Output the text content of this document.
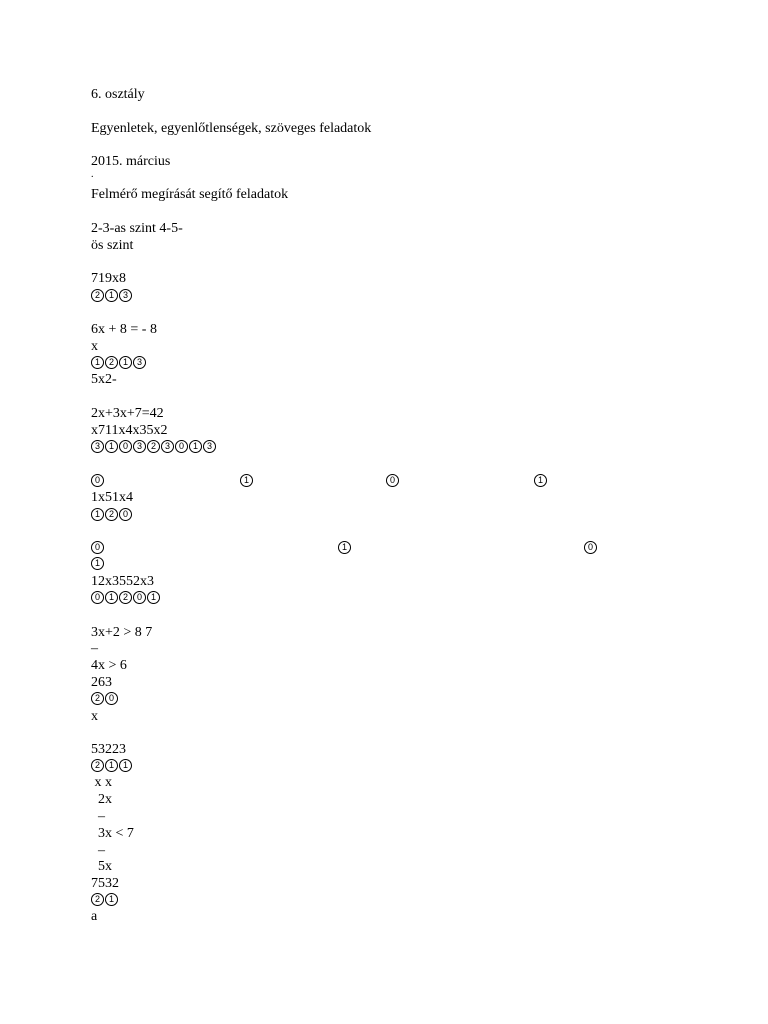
6. osztály
Egyenletek, egyenlőtlenségek, szöveges feladatok
2015. március
.
Felmérő megírását segítő feladatok
2-3-as szint 4-5-
ös szint
719x8
2 1 3
6x + 8 = - 8
x
1 2 1 3
5x2-
2x+3x+7=42
x711x4x35x2
3 1 0 3 2 3 0 1 3
0	1	0	1
1x51x4
1 2 0
0	1	0
1
12x3552x3
0 1 2 0 1
3x+2 > 8 7
–
4x > 6
263
2 0
x
53223
2 1 1
x x
2x
–
3x < 7
–
5x
7532
2 1
a
